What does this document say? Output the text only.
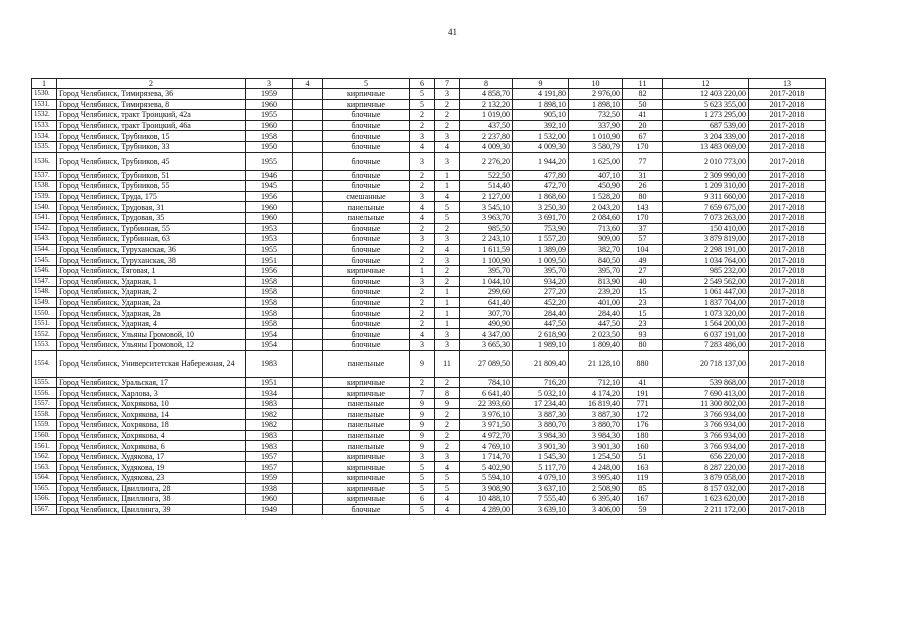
41
1	2	3	4	5	6	7	8	9	10	11	12	13
1530.	Город Челябинск, Тимирязева, 36	1959		кирпичные	5	3	4 858,70	4 191,80	2 976,00	82	12 403 220,00	2017-2018
1531.	Город Челябинск, Тимирязева, 8	1960		кирпичные	5	2	2 132,20	1 898,10	1 898,10	50	5 623 355,00	2017-2018
1532.	Город Челябинск, тракт Троицкий, 42а	1955		блочные	2	2	1 019,00	905,10	732,50	41	1 273 295,00	2017-2018
1533.	Город Челябинск, тракт Троицкий, 46а	1960		блочные	2	2	437,50	392,10	337,90	20	687 539,00	2017-2018
1534.	Город Челябинск, Трубников, 15	1958		блочные	3	3	2 237,80	1 532,00	1 010,90	67	3 204 339,00	2017-2018
1535.	Город Челябинск, Трубников, 33	1950		блочные	4	4	4 009,30	4 009,30	3 580,79	170	13 483 069,00	2017-2018
1536.	Город Челябинск, Трубников, 45	1955		блочные	3	3	2 276,20	1 944,20	1 625,00	77	2 010 773,00	2017-2018
1537.	Город Челябинск, Трубников, 51	1946		блочные	2	1	522,50	477,80	407,10	31	2 309 990,00	2017-2018
1538.	Город Челябинск, Трубников, 55	1945		блочные	2	1	514,40	472,70	450,90	26	1 209 310,00	2017-2018
1539.	Город Челябинск, Труда, 175	1956		смешанные	3	4	2 127,00	1 868,60	1 528,20	80	9 311 660,00	2017-2018
1540.	Город Челябинск, Трудовая, 31	1960		панельные	4	5	3 545,10	3 250,30	2 043,20	143	7 659 675,00	2017-2018
1541.	Город Челябинск, Трудовая, 35	1960		панельные	4	5	3 963,70	3 691,70	2 084,60	170	7 073 263,00	2017-2018
1542.	Город Челябинск, Турбинная, 55	1953		блочные	2	2	985,50	753,90	713,60	37	150 410,00	2017-2018
1543.	Город Челябинск, Турбинная, 63	1953		блочные	3	3	2 243,10	1 557,20	909,00	57	3 879 819,00	2017-2018
1544.	Город Челябинск, Туруханская, 36	1955		блочные	2	4	1 611,59	1 389,09	382,70	104	2 298 191,00	2017-2018
1545.	Город Челябинск, Туруханская, 38	1951		блочные	2	3	1 100,90	1 009,50	840,50	49	1 034 764,00	2017-2018
1546.	Город Челябинск, Тяговая, 1	1956		кирпичные	1	2	395,70	395,70	395,70	27	985 232,00	2017-2018
1547.	Город Челябинск, Ударная, 1	1958		блочные	3	2	1 044,10	934,20	813,90	40	2 549 562,00	2017-2018
1548.	Город Челябинск, Ударная, 2	1958		блочные	2	1	299,60	277,20	239,20	15	1 061 447,00	2017-2018
1549.	Город Челябинск, Ударная, 2а	1958		блочные	2	1	641,40	452,20	401,00	23	1 837 704,00	2017-2018
1550.	Город Челябинск, Ударная, 2в	1958		блочные	2	1	307,70	284,40	284,40	15	1 073 320,00	2017-2018
1551.	Город Челябинск, Ударная, 4	1958		блочные	2	1	490,90	447,50	447,50	23	1 564 200,00	2017-2018
1552.	Город Челябинск, Ульяны Громовой, 10	1954		блочные	4	3	4 347,00	2 618,90	2 023,50	93	6 037 191,00	2017-2018
1553.	Город Челябинск, Ульяны Громовой, 12	1954		блочные	3	3	3 665,30	1 989,10	1 809,40	80	7 283 486,00	2017-2018
1554.	Город Челябинск, Университетская Набережная, 24	1983		панельные	9	11	27 089,50	21 809,40	21 128,10	880	20 718 137,00	2017-2018
1555.	Город Челябинск, Уральская, 17	1951		кирпичные	2	2	784,10	716,20	712,10	41	539 868,00	2017-2018
1556.	Город Челябинск, Харлова, 3	1934		кирпичные	7	8	6 641,40	5 032,10	4 174,20	191	7 690 413,00	2017-2018
1557.	Город Челябинск, Хохрякова, 10	1983		панельные	9	9	22 393,60	17 234,40	16 819,40	771	11 300 802,00	2017-2018
1558.	Город Челябинск, Хохрякова, 14	1982		панельные	9	2	3 976,10	3 887,30	3 887,30	172	3 766 934,00	2017-2018
1559.	Город Челябинск, Хохрякова, 18	1982		панельные	9	2	3 971,50	3 880,70	3 880,70	176	3 766 934,00	2017-2018
1560.	Город Челябинск, Хохрякова, 4	1983		панельные	9	2	4 972,70	3 984,30	3 984,30	180	3 766 934,00	2017-2018
1561.	Город Челябинск, Хохрякова, 6	1983		панельные	9	2	4 769,10	3 901,30	3 901,30	160	3 766 934,00	2017-2018
1562.	Город Челябинск, Худякова, 17	1957		кирпичные	3	3	1 714,70	1 545,30	1 254,50	51	656 220,00	2017-2018
1563.	Город Челябинск, Худякова, 19	1957		кирпичные	5	4	5 402,90	5 117,70	4 248,00	163	8 287 220,00	2017-2018
1564.	Город Челябинск, Худякова, 23	1959		кирпичные	5	5	5 594,10	4 079,10	3 995,40	119	3 879 058,00	2017-2018
1565.	Город Челябинск, Цвиллинга, 28	1938		кирпичные	5	5	3 908,90	3 637,10	2 508,90	85	8 157 032,00	2017-2018
1566.	Город Челябинск, Цвиллинга, 38	1960		кирпичные	6	4	10 488,10	7 555,40	6 395,40	167	1 623 620,00	2017-2018
1567.	Город Челябинск, Цвиллинга, 39	1949		блочные	5	4	4 289,00	3 639,10	3 406,00	59	2 211 172,00	2017-2018
